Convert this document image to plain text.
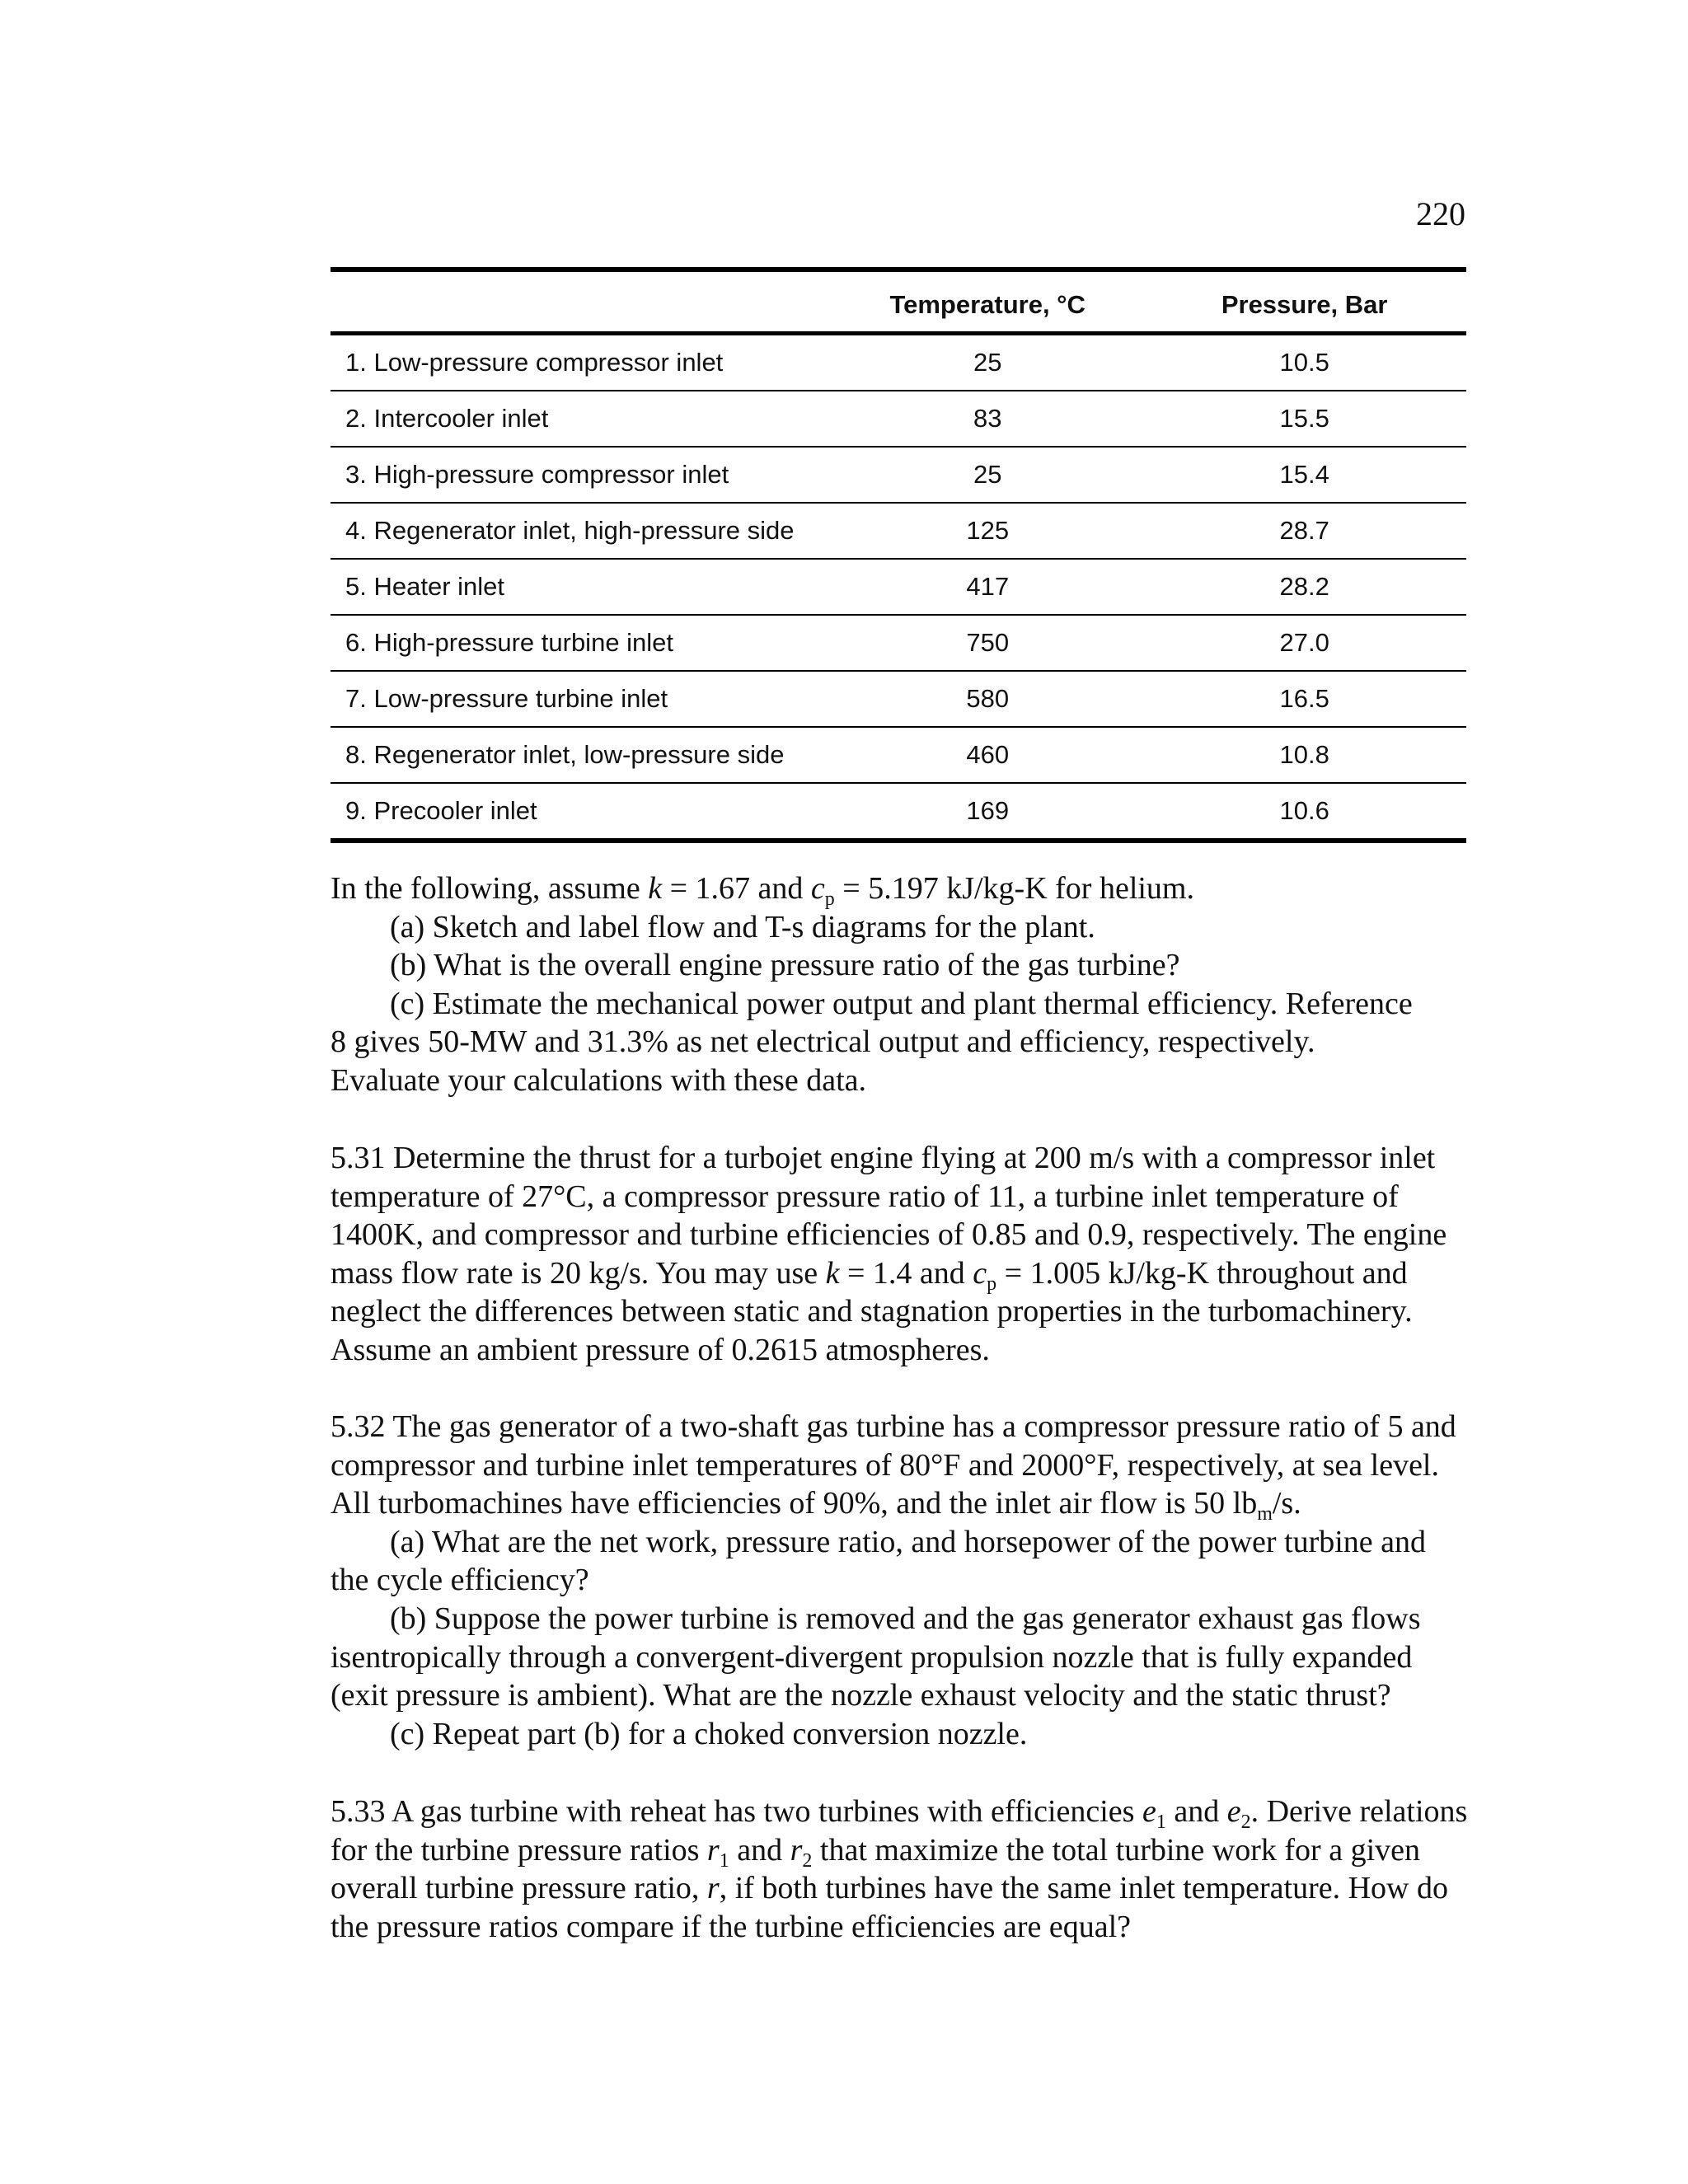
220
	Temperature, °C	Pressure, Bar
1. Low-pressure compressor inlet	25	10.5
2. Intercooler inlet	83	15.5
3. High-pressure compressor inlet	25	15.4
4. Regenerator inlet, high-pressure side	125	28.7
5. Heater inlet	417	28.2
6. High-pressure turbine inlet	750	27.0
7. Low-pressure turbine inlet	580	16.5
8. Regenerator inlet, low-pressure side	460	10.8
9. Precooler inlet	169	10.6

In the following, assume k = 1.67 and $c_p = 5.197$ kJ/kg-K for helium.

(a) Sketch and label flow and T-s diagrams for the plant.

(b) What is the overall engine pressure ratio of the gas turbine?

(c) Estimate the mechanical power output and plant thermal efficiency. Reference

8 gives 50-MW and 31.3% as net electrical output and efficiency, respectively.

Evaluate your calculations with these data.

5.31 Determine the thrust for a turbojet engine flying at 200 m/s with a compressor inlet temperature of 27°C, a compressor pressure ratio of 11, a turbine inlet temperature of 1400K, and compressor and turbine efficiencies of 0.85 and 0.9, respectively. The engine mass flow rate is 20 kg/s. You may use k = 1.4 and $c_p = 1.005$ kJ/kg-K throughout and neglect the differences between static and stagnation properties in the turbomachinery. Assume an ambient pressure of 0.2615 atmospheres.

5.32 The gas generator of a two-shaft gas turbine has a compressor pressure ratio of 5 and compressor and turbine inlet temperatures of 80°F and 2000°F, respectively, at sea level. All turbomachines have efficiencies of 90%, and the inlet air flow is 50 $lb_m/s$.

(a) What are the net work, pressure ratio, and horsepower of the power turbine and the cycle efficiency?

(b) Suppose the power turbine is removed and the gas generator exhaust gas flows isentropically through a convergent-divergent propulsion nozzle that is fully expanded (exit pressure is ambient). What are the nozzle exhaust velocity and the static thrust?

(c) Repeat part (b) for a choked conversion nozzle.

5.33 A gas turbine with reheat has two turbines with efficiencies $e_1$ and $e_2$. Derive relations for the turbine pressure ratios $r_1$ and $r_2$ that maximize the total turbine work for a given overall turbine pressure ratio, r, if both turbines have the same inlet temperature. How do the pressure ratios compare if the turbine efficiencies are equal?
